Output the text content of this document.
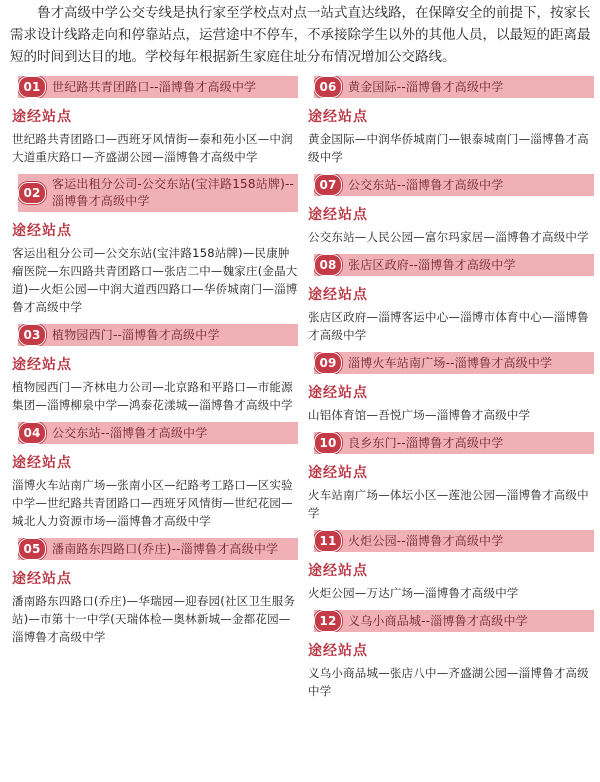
鲁才高级中学公交专线是执行家至学校点对点一站式直达线路，在保障安全的前提下，按家长需求设计线路走向和停靠站点，运营途中不停车，不承接除学生以外的其他人员，以最短的距离最短的时间到达目的地。学校每年根据新生家庭住址分布情况增加公交路线。

01 世纪路共青团路口--淄博鲁才高级中学
途经站点

世纪路共青团路口—西班牙风情街—泰和苑小区—中润大道重庆路口—齐盛湖公园—淄博鲁才高级中学

02
客运出租分公司-公交东站(宝沣路158站牌)--淄博鲁才高级中学
途经站点

客运出租分公司—公交东站(宝沣路158站牌)—民康肿瘤医院—东四路共青团路口—张店二中—魏家庄(金晶大道)—火炬公园—中润大道西四路口—华侨城南门—淄博鲁才高级中学

03 植物园西门--淄博鲁才高级中学
途经站点

植物园西门—齐林电力公司—北京路和平路口—市能源集团—淄博柳泉中学—鸿泰花漾城—淄博鲁才高级中学

04 公交东站--淄博鲁才高级中学
途经站点

淄博火车站南广场—张南小区—纪路考工路口—区实验中学—世纪路共青团路口—西班牙风情街—世纪花园—城北人力资源市场—淄博鲁才高级中学

05 潘南路东四路口(乔庄)--淄博鲁才高级中学
途经站点

潘南路东四路口(乔庄)—华瑞园—迎春园(社区卫生服务站)—市第十一中学(天瑞体检—奥林新城—金都花园—淄博鲁才高级中学

06 黄金国际--淄博鲁才高级中学
途经站点

黄金国际—中润华侨城南门—银泰城南门—淄博鲁才高级中学

07 公交东站--淄博鲁才高级中学
途经站点

公交东站—人民公园—富尔玛家居—淄博鲁才高级中学

08 张店区政府--淄博鲁才高级中学
途经站点

张店区政府—淄博客运中心—淄博市体育中心—淄博鲁才高级中学

09 淄博火车站南广场--淄博鲁才高级中学
途经站点

山铝体育馆—吾悦广场—淄博鲁才高级中学

10 良乡东门--淄博鲁才高级中学
途经站点

火车站南广场—体坛小区—莲池公园—淄博鲁才高级中学

11 火炬公园--淄博鲁才高级中学
途经站点

火炬公园—万达广场—淄博鲁才高级中学

12 义乌小商品城--淄博鲁才高级中学
途经站点

义乌小商品城—张店八中—齐盛湖公园—淄博鲁才高级中学
